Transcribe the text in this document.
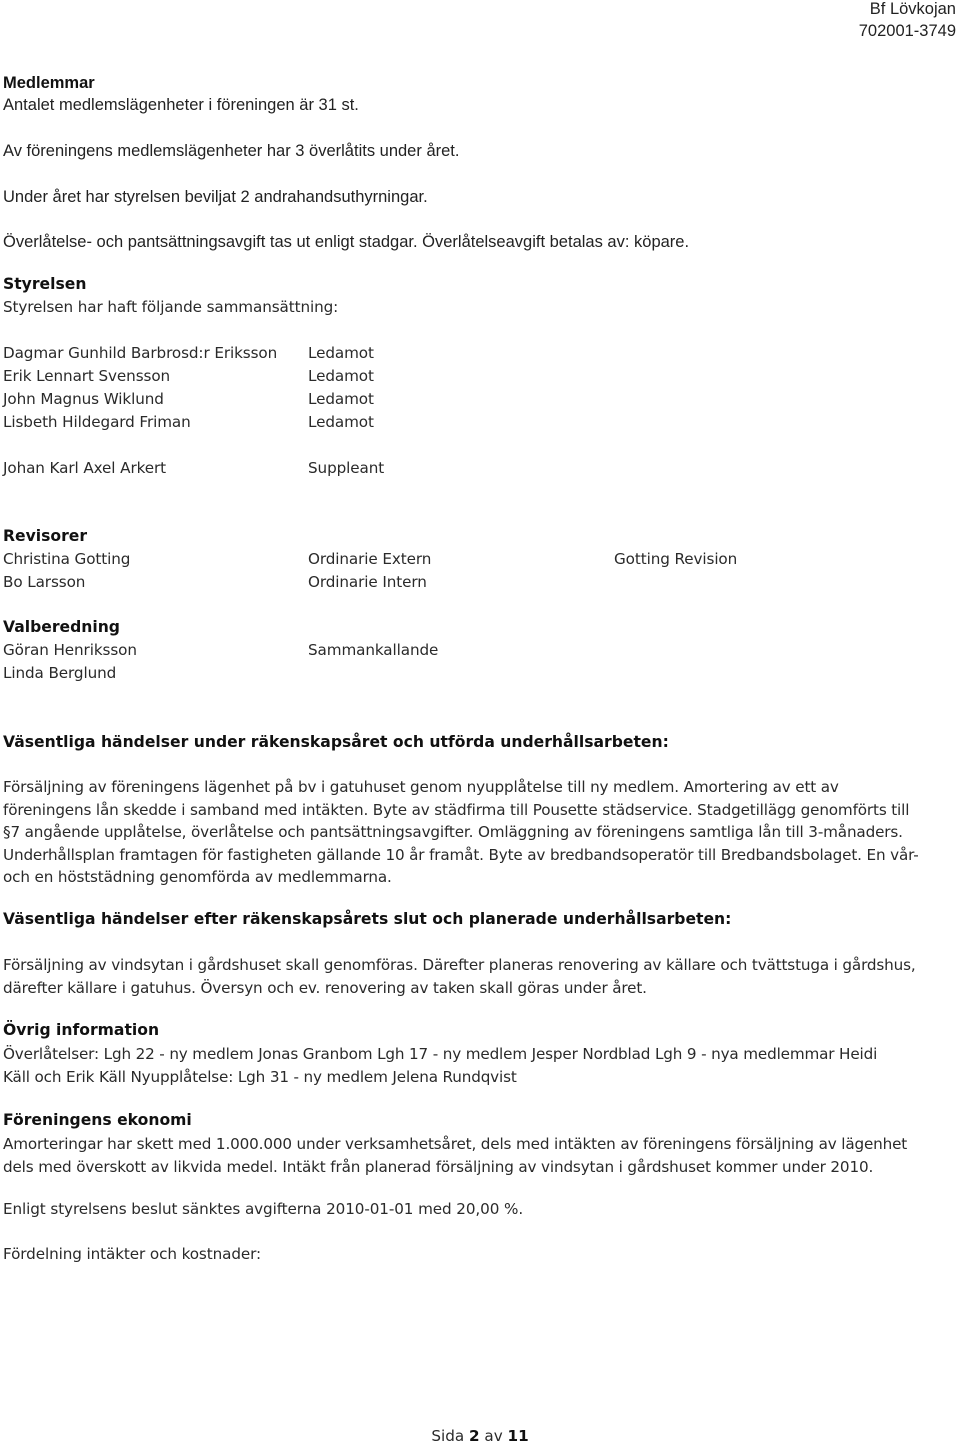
Bf Lövkojan
702001-3749
Medlemmar
Antalet medlemslägenheter i föreningen är 31 st.
Av föreningens medlemslägenheter har 3 överlåtits under året.
Under året har styrelsen beviljat 2 andrahandsuthyrningar.
Överlåtelse- och pantsättningsavgift tas ut enligt stadgar. Överlåtelseavgift betalas av: köpare.
Styrelsen
Styrelsen har haft följande sammansättning:
Dagmar Gunhild Barbrosd:r Eriksson Ledamot
Erik Lennart Svensson	Ledamot
John Magnus Wiklund	Ledamot
Lisbeth Hildegard Friman	Ledamot
Johan Karl Axel Arkert	Suppleant
Revisorer
Christina Gotting	Ordinarie Extern	Gotting Revision
Bo Larsson	Ordinarie Intern
Valberedning
Göran Henriksson	Sammankallande
Linda Berglund
Väsentliga händelser under räkenskapsåret och utförda underhållsarbeten:
Försäljning av föreningens lägenhet på bv i gatuhuset genom nyupplåtelse till ny medlem. Amortering av ett av
föreningens lån skedde i samband med intäkten. Byte av städfirma till Pousette städservice. Stadgetillägg genomförts till
§7 angående upplåtelse, överlåtelse och pantsättningsavgifter. Omläggning av föreningens samtliga lån till 3-månaders.
Underhållsplan framtagen för fastigheten gällande 10 år framåt. Byte av bredbandsoperatör till Bredbandsbolaget. En vår-
och en höststädning genomförda av medlemmarna.
Väsentliga händelser efter räkenskapsårets slut och planerade underhållsarbeten:
Försäljning av vindsytan i gårdshuset skall genomföras. Därefter planeras renovering av källare och tvättstuga i gårdshus,
därefter källare i gatuhus. Översyn och ev. renovering av taken skall göras under året.
Övrig information
Överlåtelser: Lgh 22 - ny medlem Jonas Granbom Lgh 17 - ny medlem Jesper Nordblad Lgh 9 - nya medlemmar Heidi
Käll och Erik Käll Nyupplåtelse: Lgh 31 - ny medlem Jelena Rundqvist
Föreningens ekonomi
Amorteringar har skett med 1.000.000 under verksamhetsåret, dels med intäkten av föreningens försäljning av lägenhet
dels med överskott av likvida medel. Intäkt från planerad försäljning av vindsytan i gårdshuset kommer under 2010.
Enligt styrelsens beslut sänktes avgifterna 2010-01-01 med 20,00 %.
Fördelning intäkter och kostnader:
Sida 2 av 11
